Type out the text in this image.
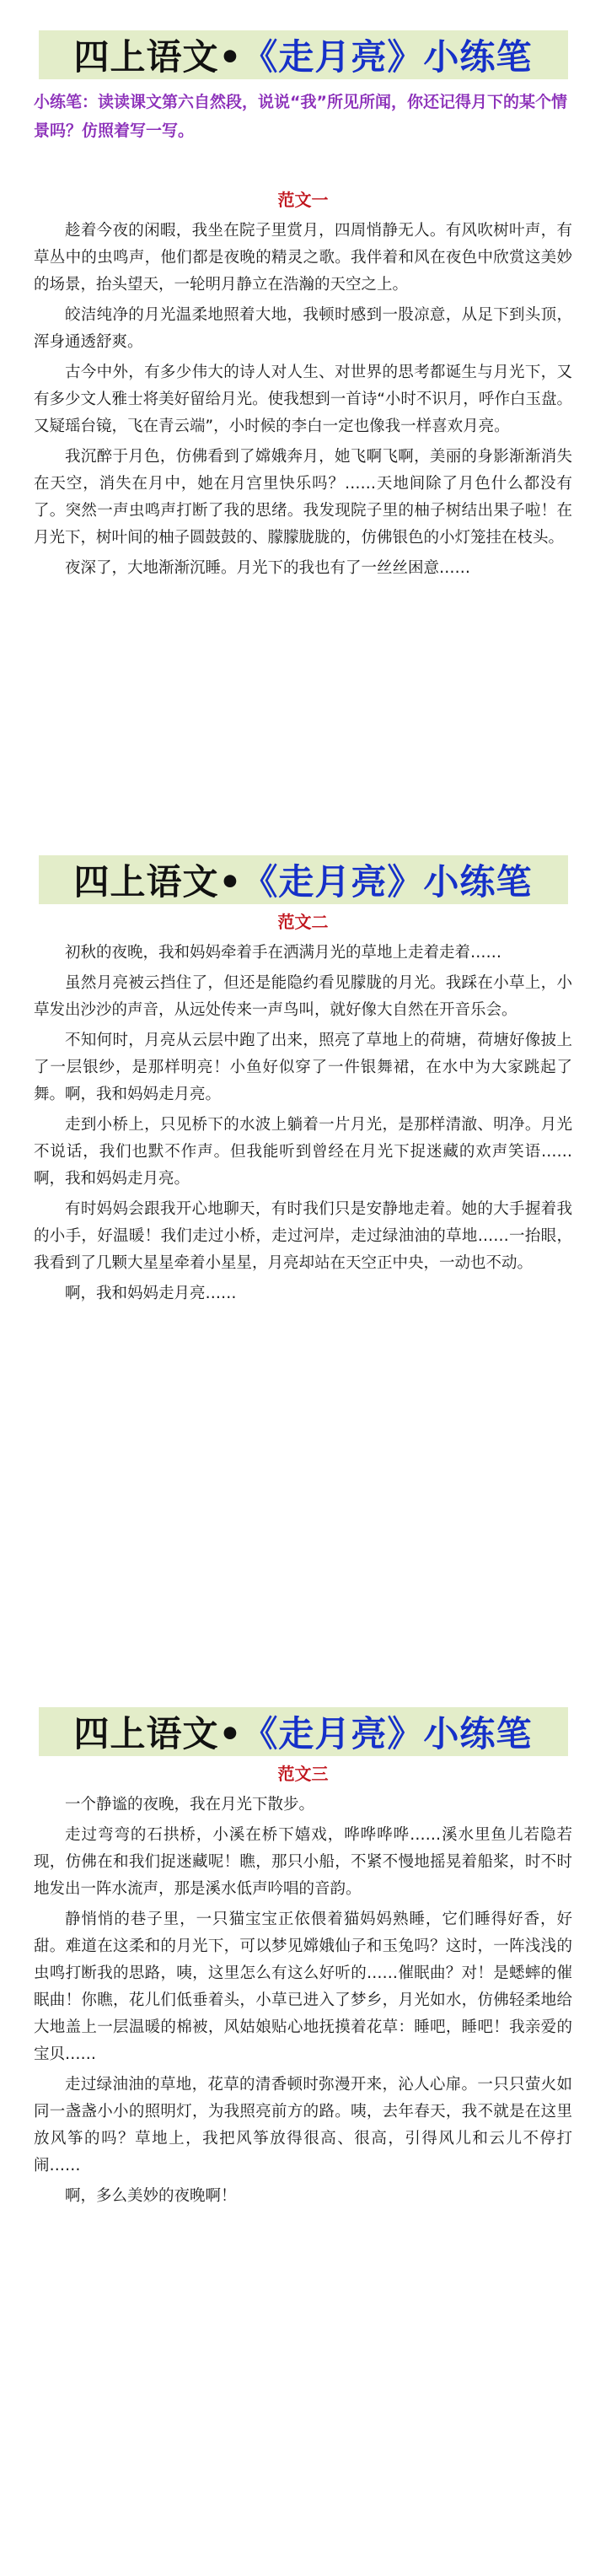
四上语文• 《走月亮》 小练笔
小练笔：读读课文第六自然段，说说“我”所见所闻，你还记得月下的某个情景吗？仿照着写一写。
范文一

趁着今夜的闲暇，我坐在院子里赏月，四周悄静无人。有风吹树叶声，有草丛中的虫鸣声，他们都是夜晚的精灵之歌。我伴着和风在夜色中欣赏这美妙的场景，抬头望天，一轮明月静立在浩瀚的天空之上。

皎洁纯净的月光温柔地照着大地，我顿时感到一股凉意，从足下到头顶，浑身通透舒爽。

古今中外，有多少伟大的诗人对人生、对世界的思考都诞生与月光下，又有多少文人雅士将美好留给月光。使我想到一首诗“小时不识月，呼作白玉盘。又疑瑶台镜，飞在青云端”，小时候的李白一定也像我一样喜欢月亮。

我沉醉于月色，仿佛看到了嫦娥奔月，她飞啊飞啊，美丽的身影渐渐消失在天空，消失在月中，她在月宫里快乐吗？……天地间除了月色什么都没有了。突然一声虫鸣声打断了我的思绪。我发现院子里的柚子树结出果子啦！在月光下，树叶间的柚子圆鼓鼓的、朦朦胧胧的，仿佛银色的小灯笼挂在枝头。

夜深了，大地渐渐沉睡。月光下的我也有了一丝丝困意……

四上语文• 《走月亮》 小练笔
范文二

初秋的夜晚，我和妈妈牵着手在洒满月光的草地上走着走着……

虽然月亮被云挡住了，但还是能隐约看见朦胧的月光。我踩在小草上，小草发出沙沙的声音，从远处传来一声鸟叫，就好像大自然在开音乐会。

不知何时，月亮从云层中跑了出来，照亮了草地上的荷塘，荷塘好像披上了一层银纱，是那样明亮！小鱼好似穿了一件银舞裙，在水中为大家跳起了舞。啊，我和妈妈走月亮。

走到小桥上，只见桥下的水波上躺着一片月光，是那样清澈、明净。月光不说话，我们也默不作声。但我能听到曾经在月光下捉迷藏的欢声笑语……啊，我和妈妈走月亮。

有时妈妈会跟我开心地聊天，有时我们只是安静地走着。她的大手握着我的小手，好温暖！我们走过小桥，走过河岸，走过绿油油的草地……一抬眼，我看到了几颗大星星牵着小星星，月亮却站在天空正中央，一动也不动。

啊，我和妈妈走月亮……

四上语文• 《走月亮》 小练笔
范文三

一个静谧的夜晚，我在月光下散步。

走过弯弯的石拱桥，小溪在桥下嬉戏，哗哗哗哗……溪水里鱼儿若隐若现，仿佛在和我们捉迷藏呢！瞧，那只小船，不紧不慢地摇晃着船桨，时不时地发出一阵水流声，那是溪水低声吟唱的音韵。

静悄悄的巷子里，一只猫宝宝正依偎着猫妈妈熟睡，它们睡得好香，好甜。难道在这柔和的月光下，可以梦见嫦娥仙子和玉兔吗？这时，一阵浅浅的虫鸣打断我的思路，咦，这里怎么有这么好听的……催眠曲？对！是蟋蟀的催眠曲！你瞧，花儿们低垂着头，小草已进入了梦乡，月光如水，仿佛轻柔地给大地盖上一层温暖的棉被，风姑娘贴心地抚摸着花草：睡吧，睡吧！我亲爱的宝贝……

走过绿油油的草地，花草的清香顿时弥漫开来，沁人心扉。一只只萤火如同一盏盏小小的照明灯，为我照亮前方的路。咦，去年春天，我不就是在这里放风筝的吗？草地上，我把风筝放得很高、很高，引得风儿和云儿不停打闹……

啊，多么美妙的夜晚啊！
